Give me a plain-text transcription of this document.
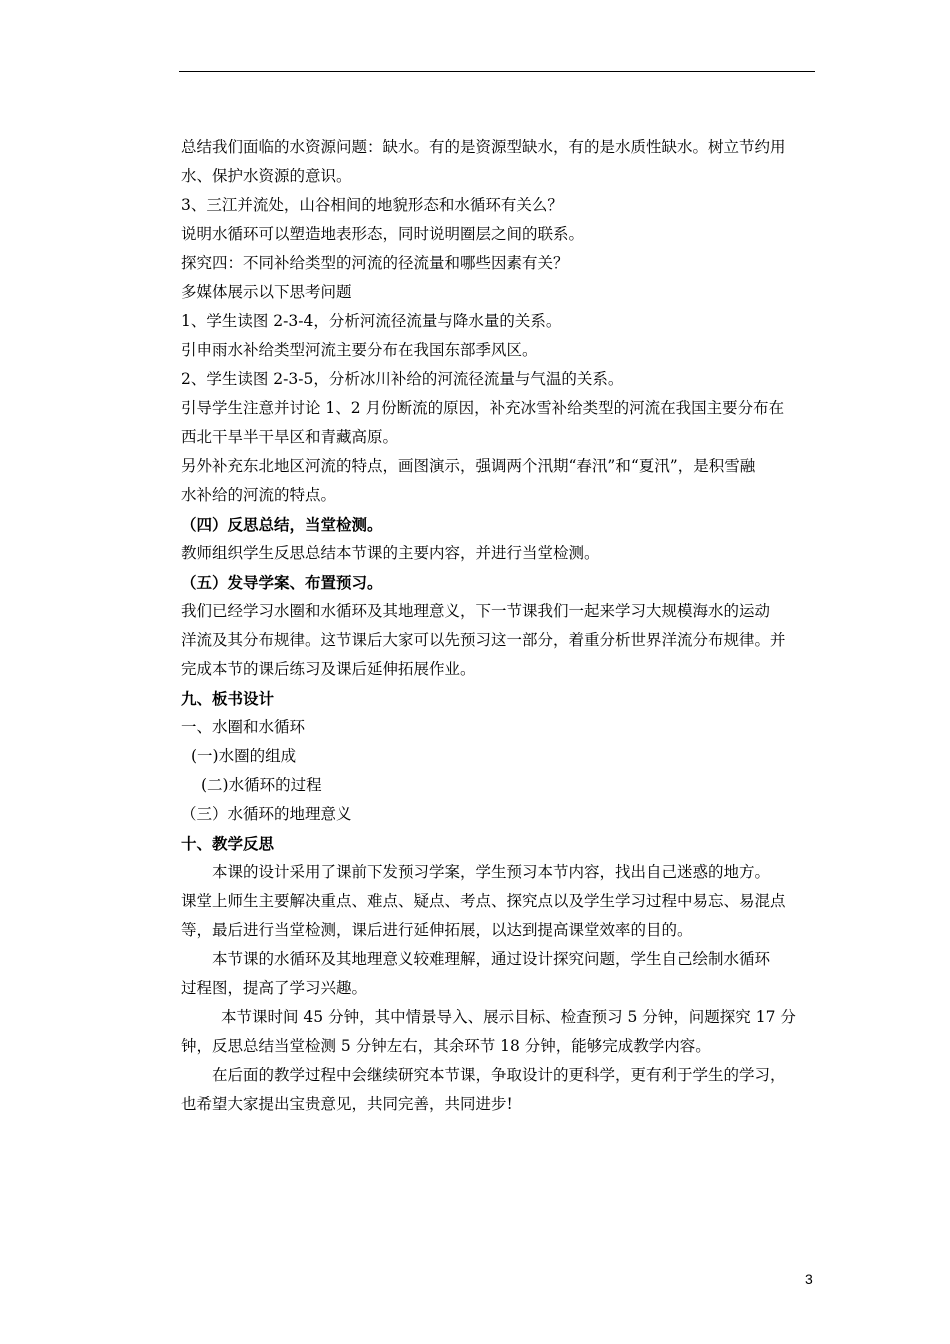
总结我们面临的水资源问题：缺水。有的是资源型缺水，有的是水质性缺水。树立节约用
水、保护水资源的意识。
3、三江并流处，山谷相间的地貌形态和水循环有关么？
说明水循环可以塑造地表形态，同时说明圈层之间的联系。
探究四：不同补给类型的河流的径流量和哪些因素有关？
多媒体展示以下思考问题
1、学生读图 2-3-4，分析河流径流量与降水量的关系。
引申雨水补给类型河流主要分布在我国东部季风区。
2、学生读图 2-3-5，分析冰川补给的河流径流量与气温的关系。
引导学生注意并讨论 1、2 月份断流的原因，补充冰雪补给类型的河流在我国主要分布在
西北干旱半干旱区和青藏高原。
另外补充东北地区河流的特点，画图演示，强调两个汛期“春汛”和“夏汛”，是积雪融
水补给的河流的特点。
（四）反思总结，当堂检测。
教师组织学生反思总结本节课的主要内容，并进行当堂检测。
（五）发导学案、布置预习。
我们已经学习水圈和水循环及其地理意义，下一节课我们一起来学习大规模海水的运动
洋流及其分布规律。这节课后大家可以先预习这一部分，着重分析世界洋流分布规律。并
完成本节的课后练习及课后延伸拓展作业。
九、板书设计
一、水圈和水循环
(一)水圈的组成
(二)水循环的过程
（三）水循环的地理意义
十、教学反思
本课的设计采用了课前下发预习学案，学生预习本节内容，找出自己迷惑的地方。
课堂上师生主要解决重点、难点、疑点、考点、探究点以及学生学习过程中易忘、易混点
等，最后进行当堂检测，课后进行延伸拓展，以达到提高课堂效率的目的。
本节课的水循环及其地理意义较难理解，通过设计探究问题，学生自己绘制水循环
过程图，提高了学习兴趣。
本节课时间 45 分钟，其中情景导入、展示目标、检查预习 5 分钟，问题探究 17 分
钟，反思总结当堂检测 5 分钟左右，其余环节 18 分钟，能够完成教学内容。
在后面的教学过程中会继续研究本节课，争取设计的更科学，更有利于学生的学习，
也希望大家提出宝贵意见，共同完善，共同进步!
3
